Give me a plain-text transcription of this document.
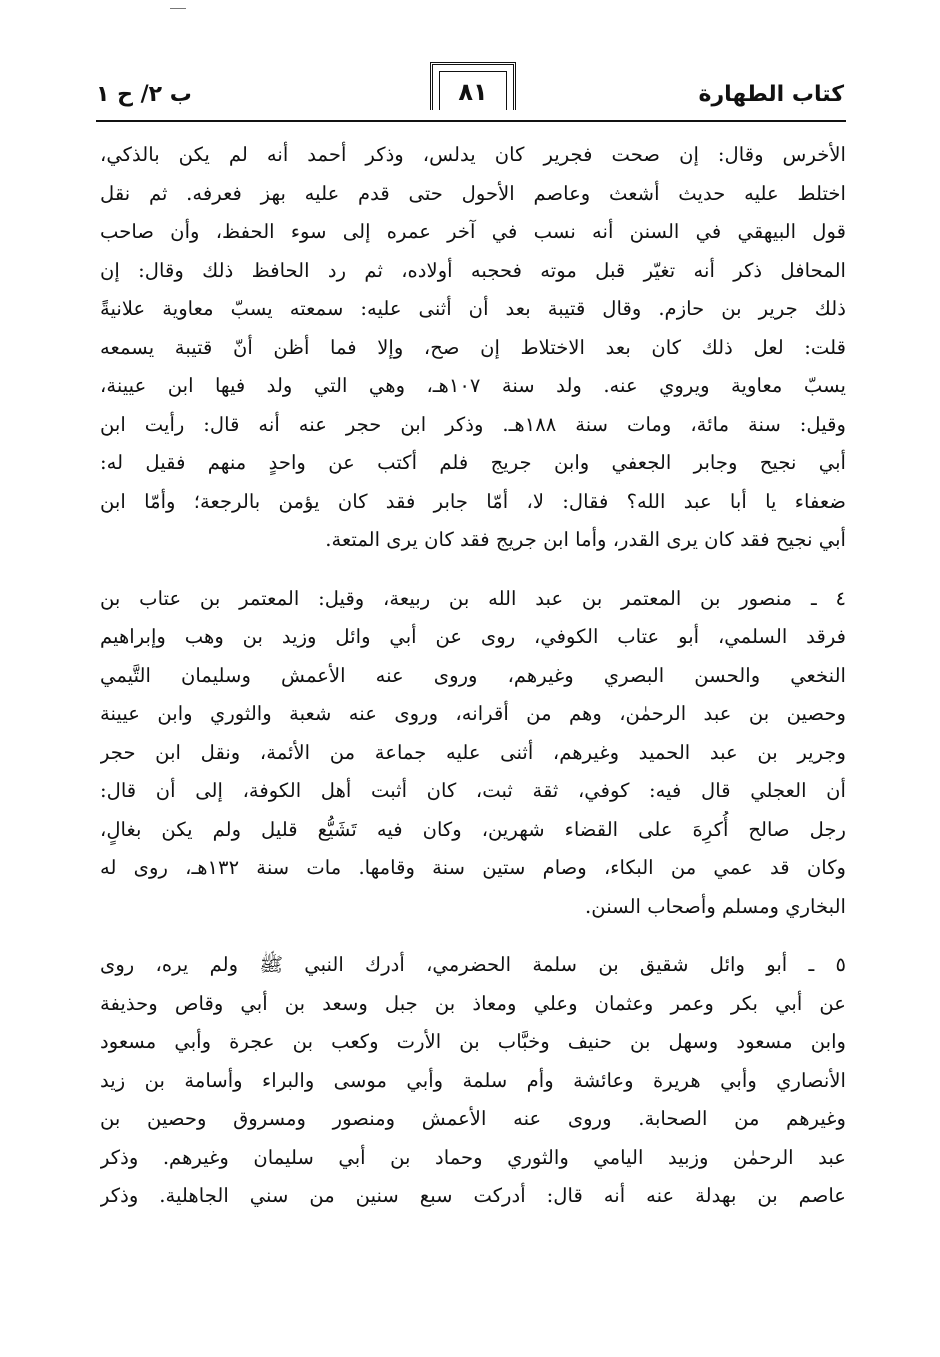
كتاب الطهارة
٨١
ب ٢/ ح ١
الأخرس وقال: إن صحت فجرير كان يدلس، وذكر أحمد أنه لم يكن بالذكي،
اختلط عليه حديث أشعث وعاصم الأحول حتى قدم عليه بهز فعرفه. ثم نقل
قول البيهقي في السنن أنه نسب في آخر عمره إلى سوء الحفظ، وأن صاحب
المحافل ذكر أنه تغيّر قبل موته فحجبه أولاده، ثم رد الحافظ ذلك وقال: إن
ذلك جرير بن حازم. وقال قتيبة بعد أن أثنى عليه: سمعته يسبّ معاوية علانيةً
قلت: لعل ذلك كان بعد الاختلاط إن صح، وإلا فما أظن أنّ قتيبة يسمعه
يسبّ معاوية ويروي عنه. ولد سنة ١٠٧هـ، وهي التي ولد فيها ابن عيينة،
وقيل: سنة مائة، ومات سنة ١٨٨هـ. وذكر ابن حجر عنه أنه قال: رأيت ابن
أبي نجيح وجابر الجعفي وابن جريج فلم أكتب عن واحدٍ منهم فقيل له:
ضعفاء يا أبا عبد الله؟ فقال: لا، أمّا جابر فقد كان يؤمن بالرجعة؛ وأمّا ابن
أبي نجيح فقد كان يرى القدر، وأما ابن جريج فقد كان يرى المتعة.
٤ ـ منصور بن المعتمر بن عبد الله بن ربيعة، وقيل: المعتمر بن عتاب بن
فرقد السلمي، أبو عتاب الكوفي، روى عن أبي وائل وزيد بن وهب وإبراهيم
النخعي والحسن البصري وغيرهم، وروى عنه الأعمش وسليمان التَّيمي
وحصين بن عبد الرحمٰن، وهم من أقرانه، وروى عنه شعبة والثوري وابن عيينة
وجرير بن عبد الحميد وغيرهم، أثنى عليه جماعة من الأئمة، ونقل ابن حجر
أن العجلي قال فيه: كوفي، ثقة ثبت، كان أثبت أهل الكوفة، إلى أن قال:
رجل صالح أُكرِهَ على القضاء شهرين، وكان فيه تَشَيُّع قليل ولم يكن بغالٍ،
وكان قد عمي من البكاء، وصام ستين سنة وقامها. مات سنة ١٣٢هـ، روى له
البخاري ومسلم وأصحاب السنن.
٥ ـ أبو وائل شقيق بن سلمة الحضرمي، أدرك النبي ﷺ ولم يره، روى
عن أبي بكر وعمر وعثمان وعلي ومعاذ بن جبل وسعد بن أبي وقاص وحذيفة
وابن مسعود وسهل بن حنيف وخبَّاب بن الأرت وكعب بن عجرة وأبي مسعود
الأنصاري وأبي هريرة وعائشة وأم سلمة وأبي موسى والبراء وأسامة بن زيد
وغيرهم من الصحابة. وروى عنه الأعمش ومنصور ومسروق وحصين بن
عبد الرحمٰن وزبيد اليامي والثوري وحماد بن أبي سليمان وغيرهم. وذكر
عاصم بن بهدلة عنه أنه قال: أدركت سبع سنين من سني الجاهلية. وذكر
